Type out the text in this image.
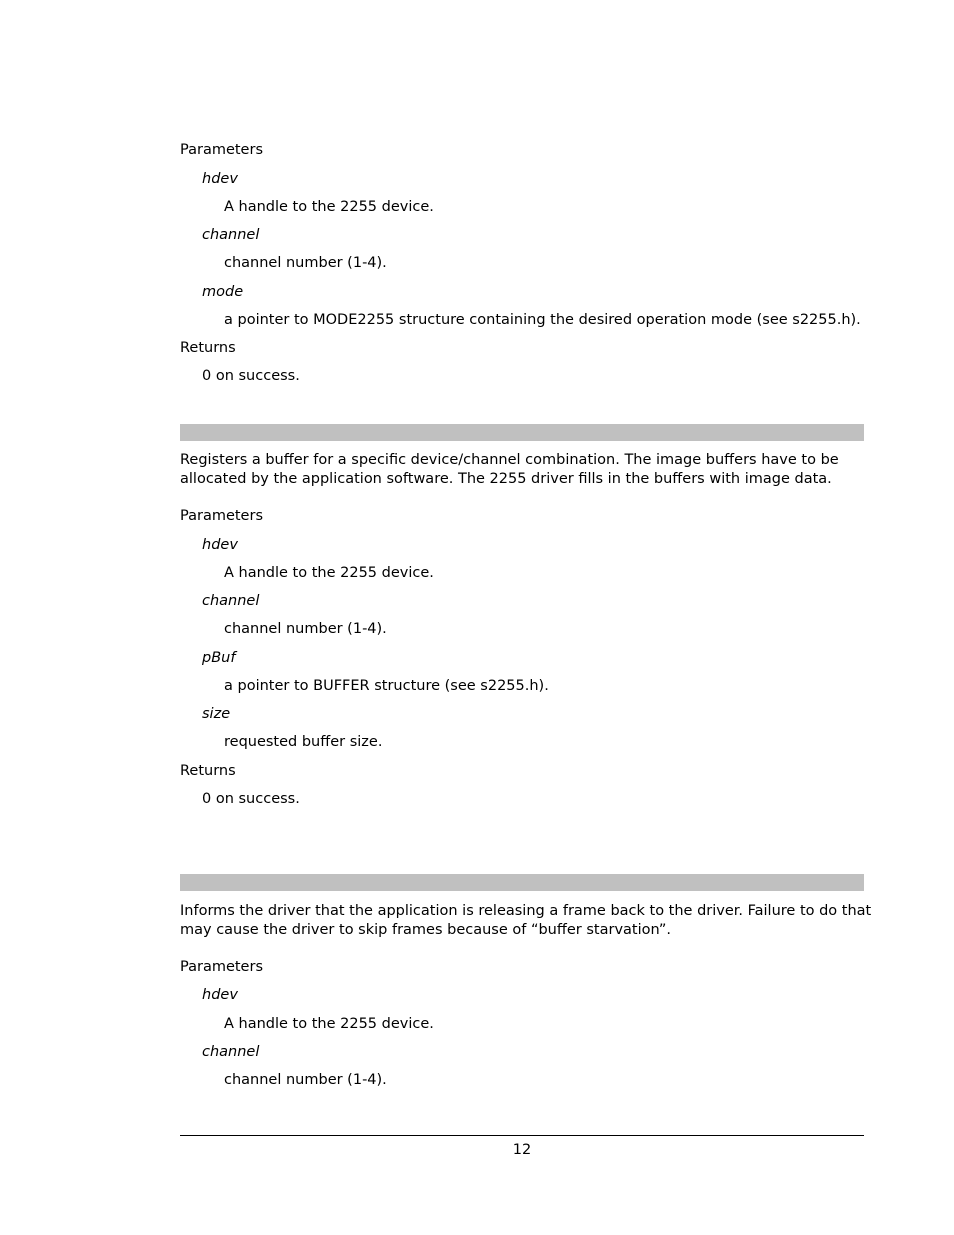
Parameters
hdev
A handle to the 2255 device.
channel
channel number (1-4).
mode
a pointer to MODE2255 structure containing the desired operation mode (see s2255.h).
Returns
0 on success.
Registers a buffer for a specific device/channel combination. The image buffers have to be
allocated by the application software. The 2255 driver fills in the buffers with image data.
Parameters
hdev
A handle to the 2255 device.
channel
channel number (1-4).
pBuf
a pointer to BUFFER structure (see s2255.h).
size
requested buffer size.
Returns
0 on success.
Informs the driver that the application is releasing a frame back to the driver. Failure to do that
may cause the driver to skip frames because of “buffer starvation”.
Parameters
hdev
A handle to the 2255 device.
channel
channel number (1-4).
12
